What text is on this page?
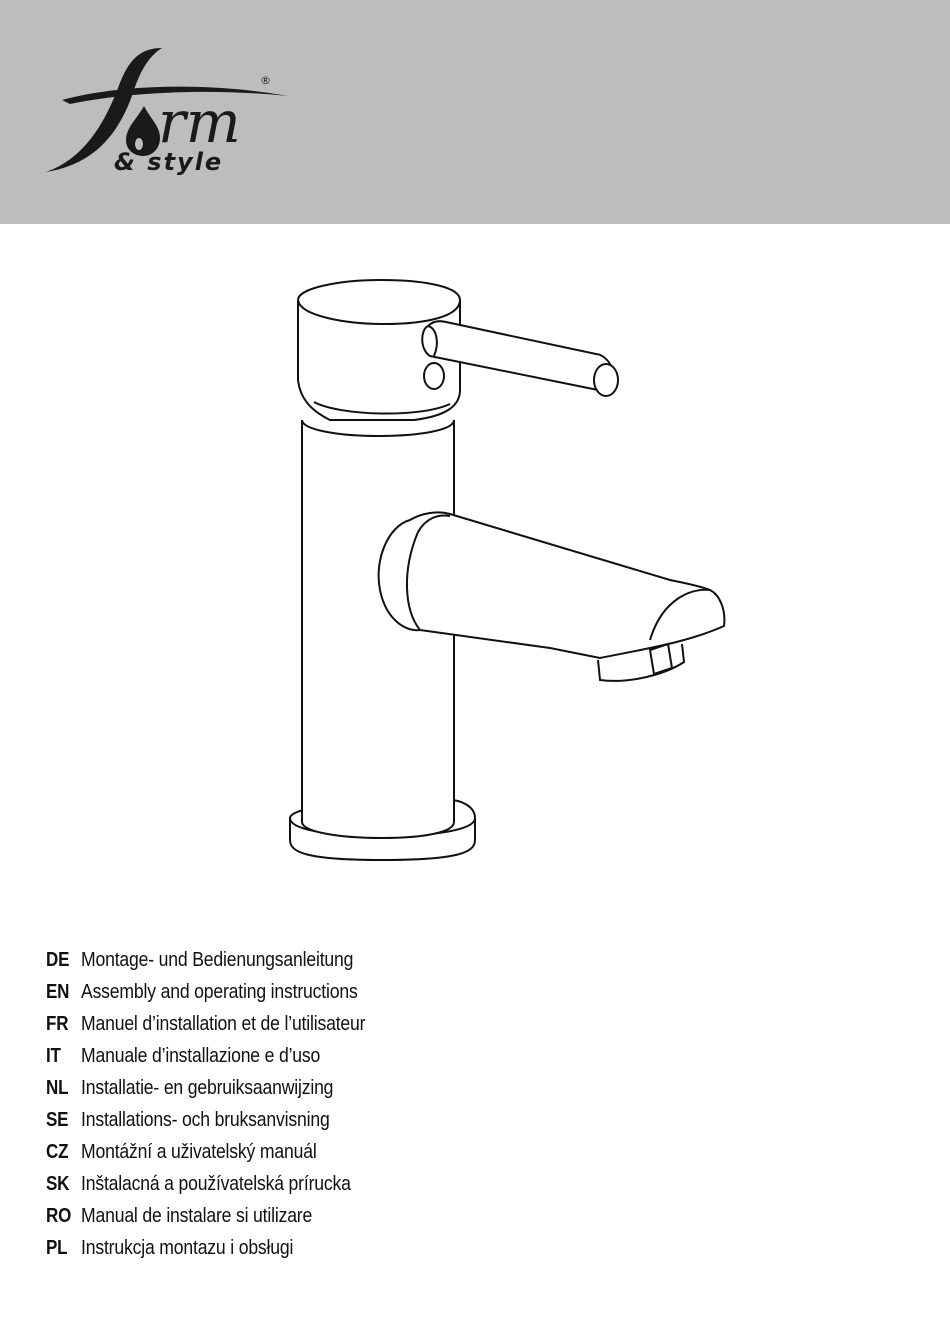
rm
®
& style
DE Montage- und Bedienungsanleitung
EN Assembly and operating instructions
FR Manuel d’installation et de l’utilisateur
IT	Manuale d’installazione e d’uso
NL Installatie- en gebruiksaanwijzing
SE Installations- och bruksanvisning
CZ Montážní a uživatelský manuál
SK Inštalacná a používatelská prírucka
RO Manual de instalare si utilizare
PL Instrukcja montazu i obsługi
